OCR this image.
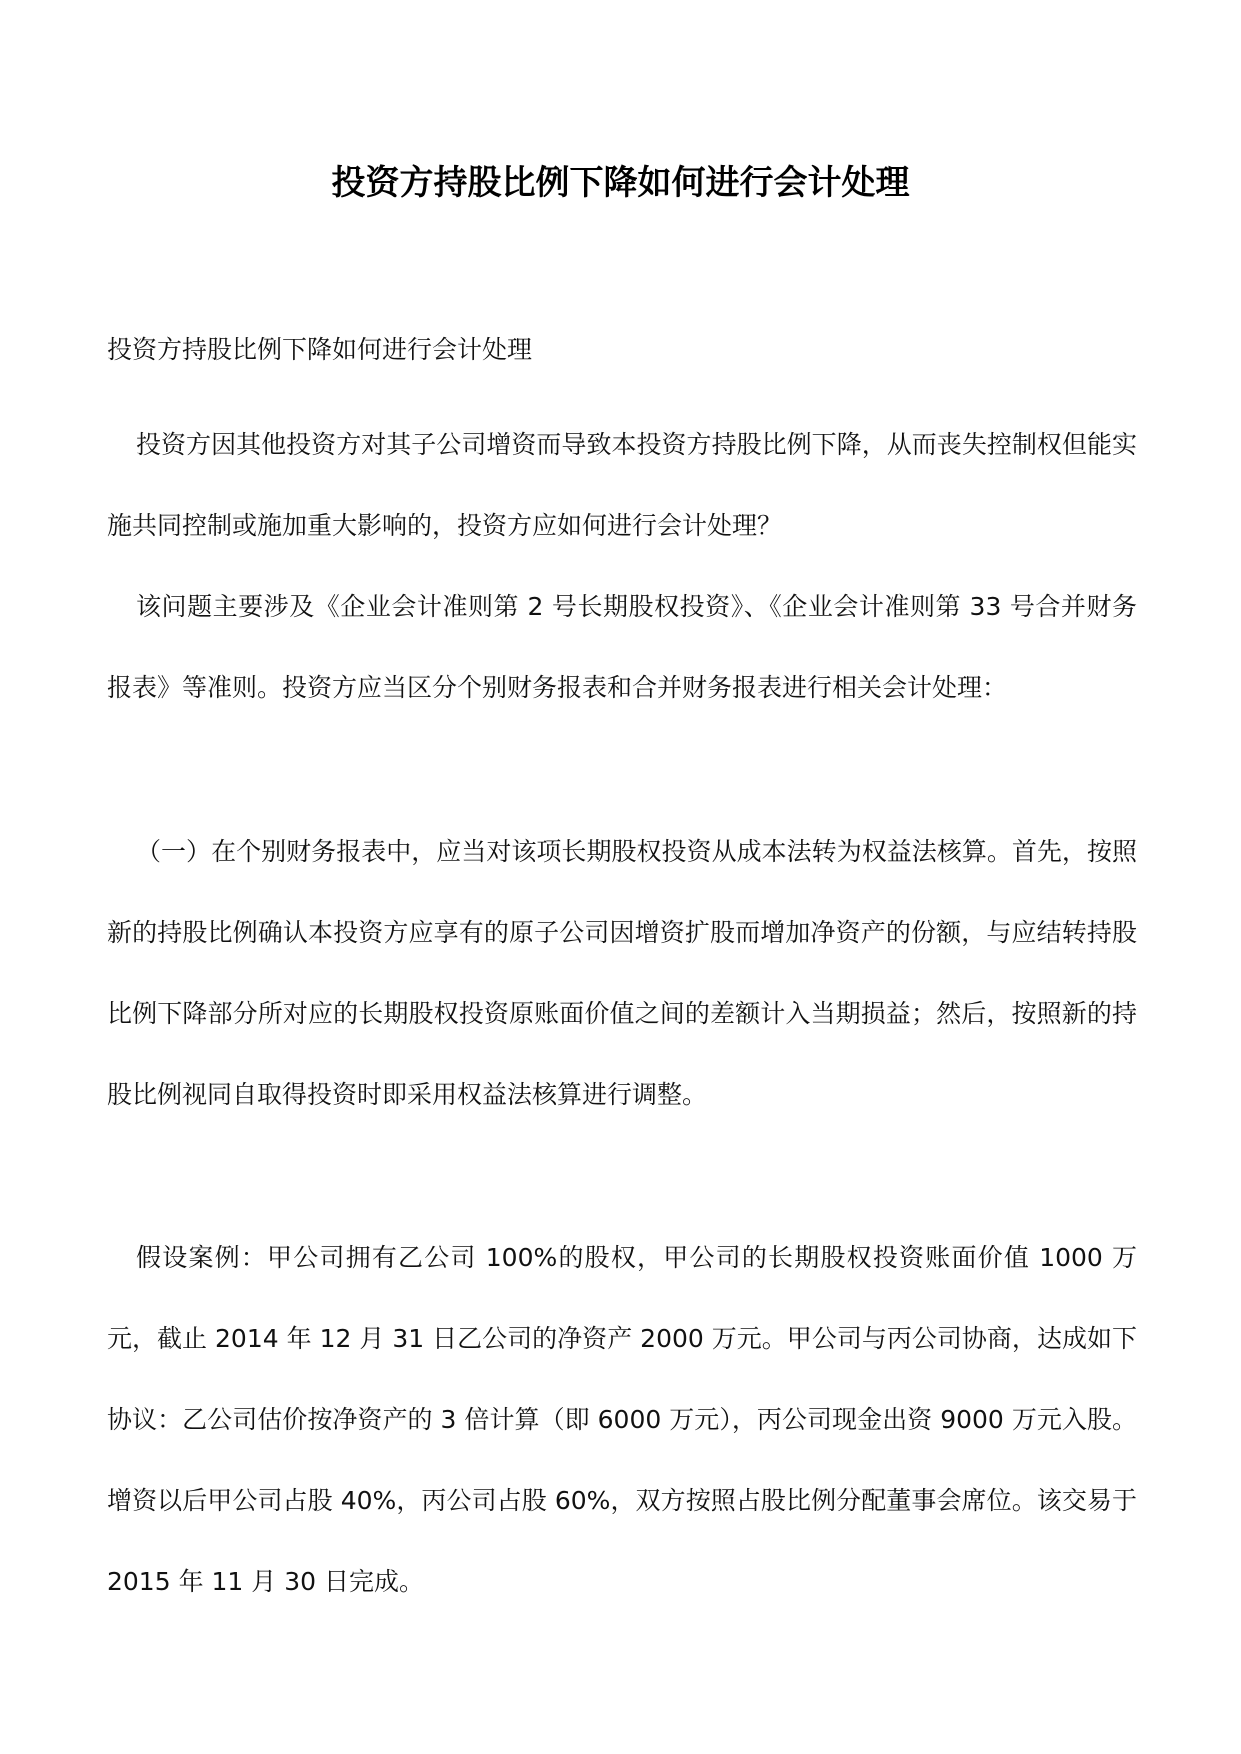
投资方持股比例下降如何进行会计处理

投资方持股比例下降如何进行会计处理

投资方因其他投资方对其子公司增资而导致本投资方持股比例下降，从而丧失控制权但能实施共同控制或施加重大影响的，投资方应如何进行会计处理？

该问题主要涉及《企业会计准则第 2 号长期股权投资》、《企业会计准则第 33 号合并财务报表》等准则。投资方应当区分个别财务报表和合并财务报表进行相关会计处理：

（一）在个别财务报表中，应当对该项长期股权投资从成本法转为权益法核算。首先，按照新的持股比例确认本投资方应享有的原子公司因增资扩股而增加净资产的份额，与应结转持股比例下降部分所对应的长期股权投资原账面价值之间的差额计入当期损益；然后，按照新的持股比例视同自取得投资时即采用权益法核算进行调整。

假设案例：甲公司拥有乙公司 100%的股权，甲公司的长期股权投资账面价值 1000 万元，截止 2014 年 12 月 31 日乙公司的净资产 2000 万元。甲公司与丙公司协商，达成如下协议：乙公司估价按净资产的 3 倍计算（即 6000 万元），丙公司现金出资 9000 万元入股。增资以后甲公司占股 40%，丙公司占股 60%，双方按照占股比例分配董事会席位。该交易于 2015 年 11 月 30 日完成。
